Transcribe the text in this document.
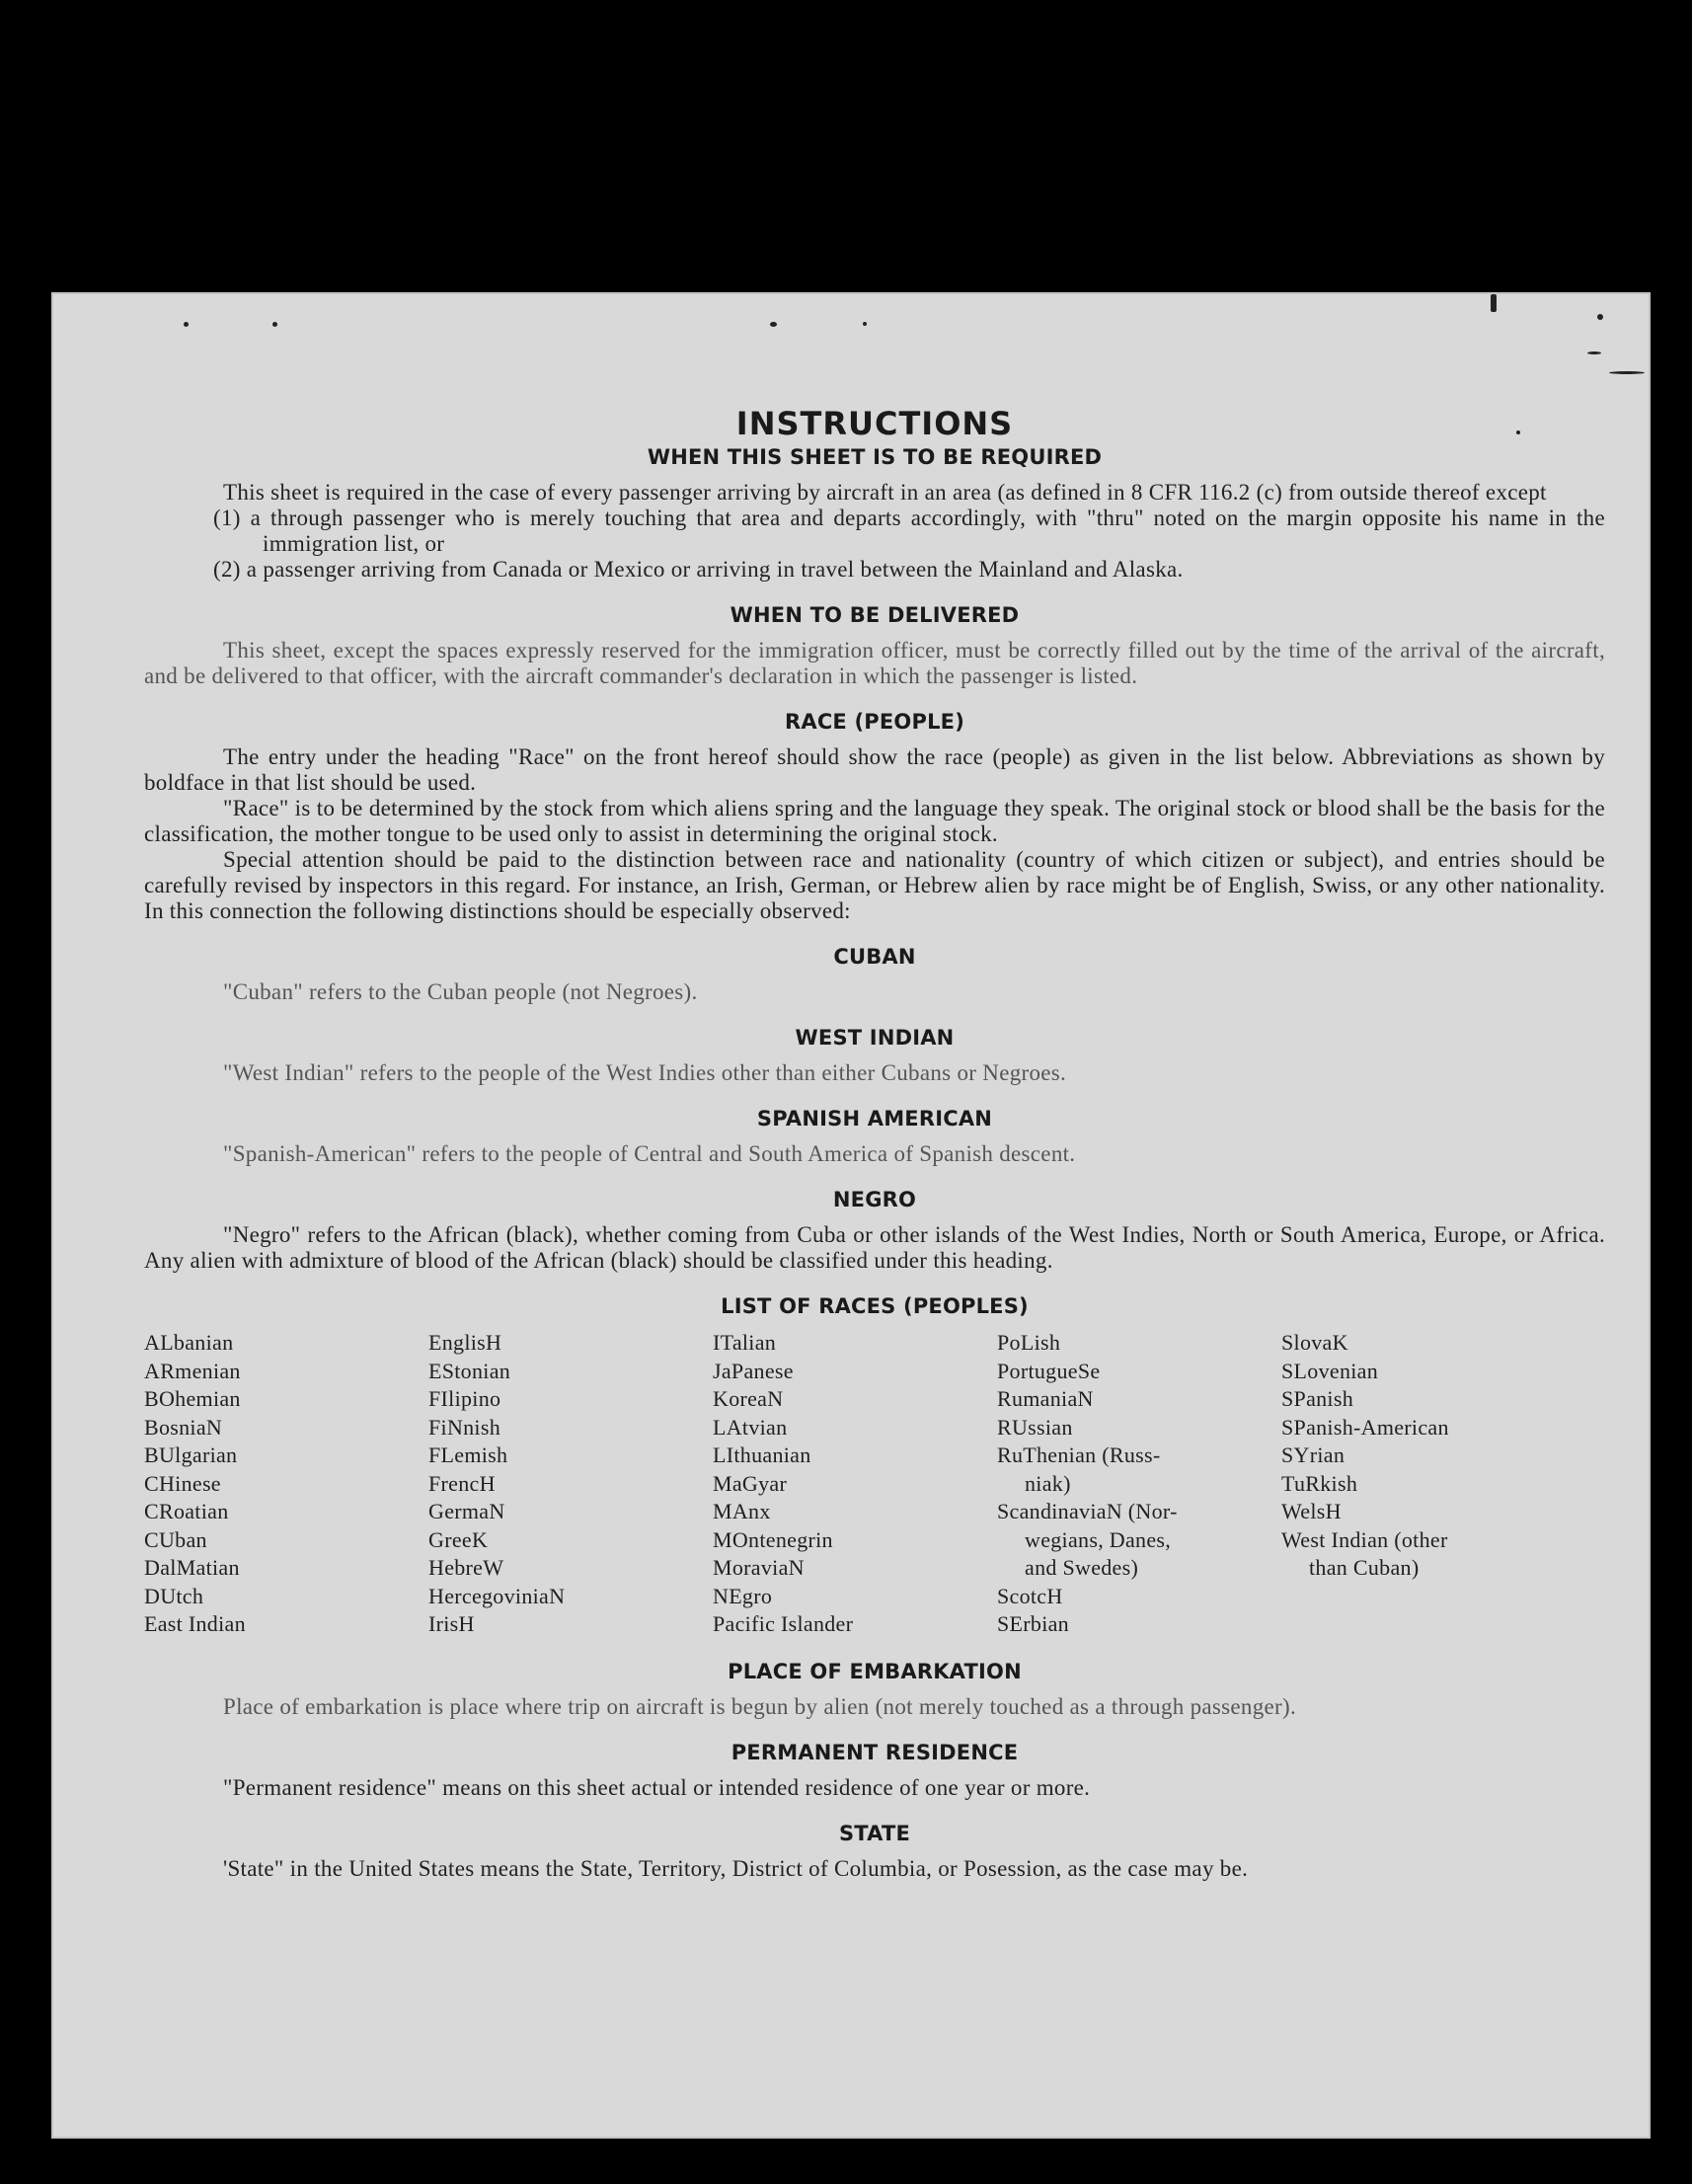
INSTRUCTIONS
WHEN THIS SHEET IS TO BE REQUIRED

This sheet is required in the case of every passenger arriving by aircraft in an area (as defined in 8 CFR 116.2 (c) from outside thereof except

(1) a through passenger who is merely touching that area and departs accordingly, with "thru" noted on the margin opposite his name in the immigration list, or

(2) a passenger arriving from Canada or Mexico or arriving in travel between the Mainland and Alaska.

WHEN TO BE DELIVERED

This sheet, except the spaces expressly reserved for the immigration officer, must be correctly filled out by the time of the arrival of the aircraft, and be delivered to that officer, with the aircraft commander's declaration in which the passenger is listed.

RACE (PEOPLE)

The entry under the heading "Race" on the front hereof should show the race (people) as given in the list below. Abbreviations as shown by boldface in that list should be used.

"Race" is to be determined by the stock from which aliens spring and the language they speak. The original stock or blood shall be the basis for the classification, the mother tongue to be used only to assist in determining the original stock.

Special attention should be paid to the distinction between race and nationality (country of which citizen or subject), and entries should be carefully revised by inspectors in this regard. For instance, an Irish, German, or Hebrew alien by race might be of English, Swiss, or any other nationality. In this connection the following distinctions should be especially observed:

CUBAN

"Cuban" refers to the Cuban people (not Negroes).

WEST INDIAN

"West Indian" refers to the people of the West Indies other than either Cubans or Negroes.

SPANISH AMERICAN

"Spanish-American" refers to the people of Central and South America of Spanish descent.

NEGRO

"Negro" refers to the African (black), whether coming from Cuba or other islands of the West Indies, North or South America, Europe, or Africa. Any alien with admixture of blood of the African (black) should be classified under this heading.

LIST OF RACES (PEOPLES)
ALbanian
ARmenian
BOhemian
BosniaN
BUlgarian
CHinese
CRoatian
CUban
DalMatian
DUtch
East Indian
EnglisH
EStonian
FIlipino
FiNnish
FLemish
FrencH
GermaN
GreeK
HebreW
HercegoviniaN
IrisH
ITalian
JaPanese
KoreaN
LAtvian
LIthuanian
MaGyar
MAnx
MOntenegrin
MoraviaN
NEgro
Pacific Islander
PoLish
PortugueSe
RumaniaN
RUssian
RuThenian (Russ-
niak)
ScandinaviaN (Nor-
wegians, Danes,
and Swedes)
ScotcH
SErbian
SlovaK
SLovenian
SPanish
SPanish-American
SYrian
TuRkish
WelsH
West Indian (other
than Cuban)
PLACE OF EMBARKATION

Place of embarkation is place where trip on aircraft is begun by alien (not merely touched as a through passenger).

PERMANENT RESIDENCE

"Permanent residence" means on this sheet actual or intended residence of one year or more.

STATE

'State" in the United States means the State, Territory, District of Columbia, or Posession, as the case may be.
